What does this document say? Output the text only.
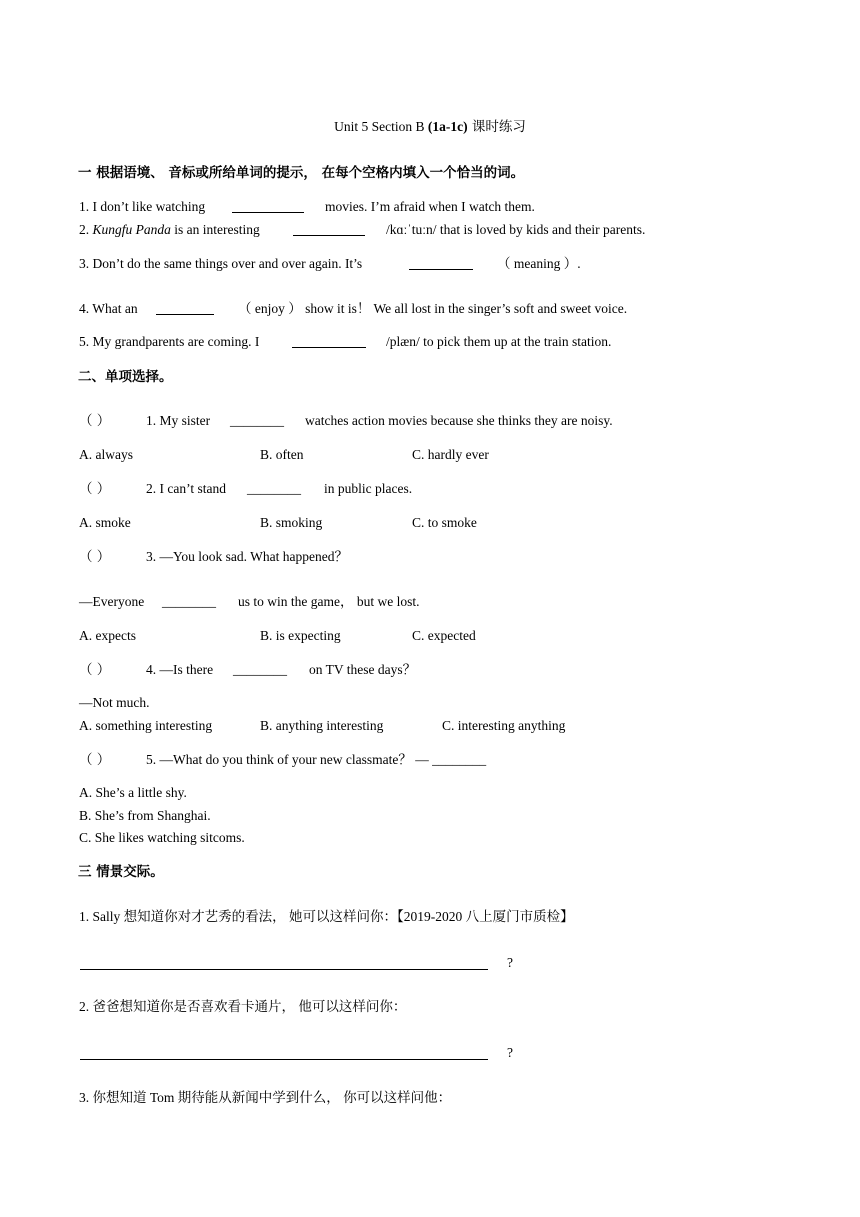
Unit 5 Section B (1a-1c) 课时练习
一 根据语境、 音标或所给单词的提示， 在每个空格内填入一个恰当的词。
1. I don’t like watching	movies. I’m afraid when I watch them.
2. Kungfu Panda is an interesting	/kɑːˈtuːn/ that is loved by kids and their parents.
3. Don’t do the same things over and over again. It’s	（ meaning ）.
4. What an	（ enjoy ） show it is！ We all lost in the singer’s soft and sweet voice.
5. My grandparents are coming. I	/plæn/ to pick them up at the train station.
二、单项选择。
（ ）	1. My sister ________ watches action movies because she thinks they are noisy.
A. always	B. often	C. hardly ever
（ ）	2. I can’t stand ________ in public places.
A. smoke	B. smoking	C. to smoke
（ ）	3. —You look sad. What happened？
—Everyone ________ us to win the game， but we lost.
A. expects	B. is expecting	C. expected
（ ）	4. —Is there ________ on TV these days？
—Not much.
A. something interesting	B. anything interesting	C. interesting anything
（ ）	5. —What do you think of your new classmate？ — ________
A. She’s a little shy.
B. She’s from Shanghai.
C. She likes watching sitcoms.
三 情景交际。
1. Sally 想知道你对才艺秀的看法， 她可以这样问你：【2019-2020 八上厦门市质检】
?
2. 爸爸想知道你是否喜欢看卡通片， 他可以这样问你：
?
3. 你想知道 Tom 期待能从新闻中学到什么， 你可以这样问他：
